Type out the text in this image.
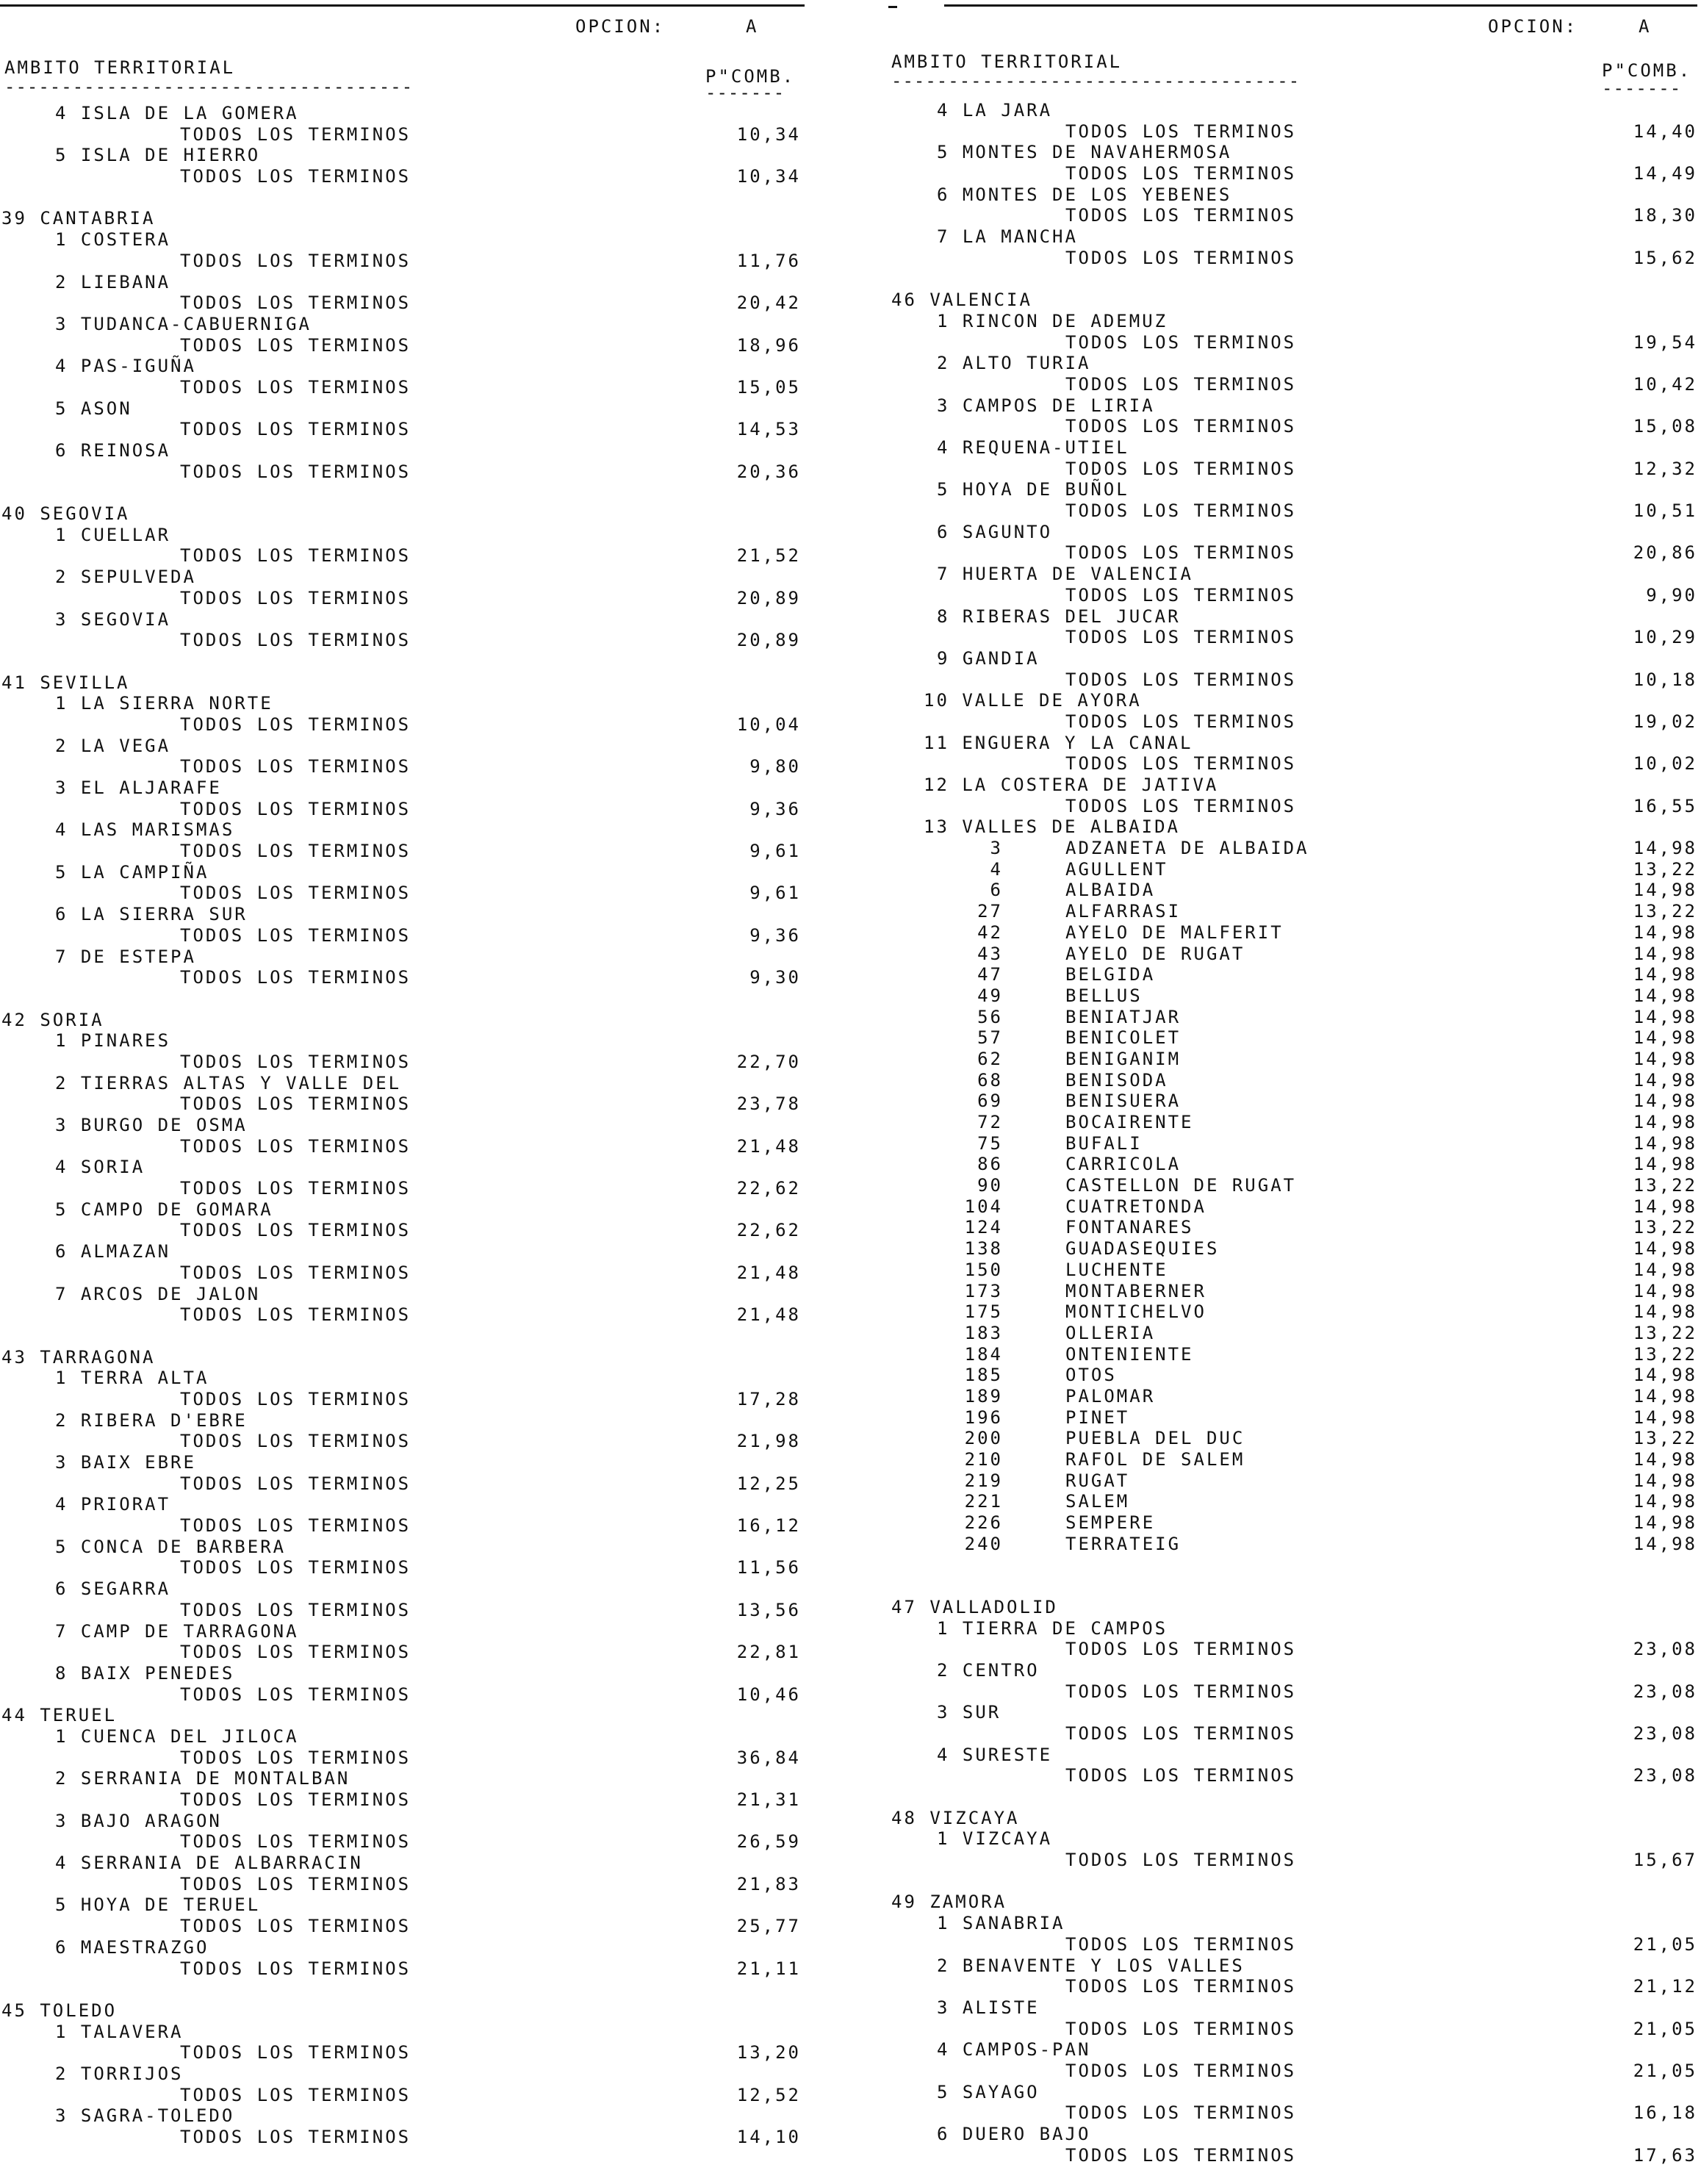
OPCION:	A
AMBITO TERRITORIAL	P"COMB.
------------------------------------	-------
4 ISLA DE LA GOMERA
TODOS LOS TERMINOS	10,34
5 ISLA DE HIERRO
TODOS LOS TERMINOS	10,34
39 CANTABRIA
1 COSTERA
TODOS LOS TERMINOS	11,76
2 LIEBANA
TODOS LOS TERMINOS	20,42
3 TUDANCA-CABUERNIGA
TODOS LOS TERMINOS	18,96
4 PAS-IGUÑA
TODOS LOS TERMINOS	15,05
5 ASON
TODOS LOS TERMINOS	14,53
6 REINOSA
TODOS LOS TERMINOS	20,36
40 SEGOVIA
1 CUELLAR
TODOS LOS TERMINOS	21,52
2 SEPULVEDA
TODOS LOS TERMINOS	20,89
3 SEGOVIA
TODOS LOS TERMINOS	20,89
41 SEVILLA
1 LA SIERRA NORTE
TODOS LOS TERMINOS	10,04
2 LA VEGA
TODOS LOS TERMINOS	9,80
3 EL ALJARAFE
TODOS LOS TERMINOS	9,36
4 LAS MARISMAS
TODOS LOS TERMINOS	9,61
5 LA CAMPIÑA
TODOS LOS TERMINOS	9,61
6 LA SIERRA SUR
TODOS LOS TERMINOS	9,36
7 DE ESTEPA
TODOS LOS TERMINOS	9,30
42 SORIA
1 PINARES
TODOS LOS TERMINOS	22,70
2 TIERRAS ALTAS Y VALLE DEL
TODOS LOS TERMINOS	23,78
3 BURGO DE OSMA
TODOS LOS TERMINOS	21,48
4 SORIA
TODOS LOS TERMINOS	22,62
5 CAMPO DE GOMARA
TODOS LOS TERMINOS	22,62
6 ALMAZAN
TODOS LOS TERMINOS	21,48
7 ARCOS DE JALON
TODOS LOS TERMINOS	21,48
43 TARRAGONA
1 TERRA ALTA
TODOS LOS TERMINOS	17,28
2 RIBERA D'EBRE
TODOS LOS TERMINOS	21,98
3 BAIX EBRE
TODOS LOS TERMINOS	12,25
4 PRIORAT
TODOS LOS TERMINOS	16,12
5 CONCA DE BARBERA
TODOS LOS TERMINOS	11,56
6 SEGARRA
TODOS LOS TERMINOS	13,56
7 CAMP DE TARRAGONA
TODOS LOS TERMINOS	22,81
8 BAIX PENEDES
TODOS LOS TERMINOS	10,46
44 TERUEL
1 CUENCA DEL JILOCA
TODOS LOS TERMINOS	36,84
2 SERRANIA DE MONTALBAN
TODOS LOS TERMINOS	21,31
3 BAJO ARAGON
TODOS LOS TERMINOS	26,59
4 SERRANIA DE ALBARRACIN
TODOS LOS TERMINOS	21,83
5 HOYA DE TERUEL
TODOS LOS TERMINOS	25,77
6 MAESTRAZGO
TODOS LOS TERMINOS	21,11
45 TOLEDO
1 TALAVERA
TODOS LOS TERMINOS	13,20
2 TORRIJOS
TODOS LOS TERMINOS	12,52
3 SAGRA-TOLEDO
TODOS LOS TERMINOS	14,10
OPCION:	A
AMBITO TERRITORIAL	P"COMB.
------------------------------------	-------
4 LA JARA
TODOS LOS TERMINOS	14,40
5 MONTES DE NAVAHERMOSA
TODOS LOS TERMINOS	14,49
6 MONTES DE LOS YEBENES
TODOS LOS TERMINOS	18,30
7 LA MANCHA
TODOS LOS TERMINOS	15,62
46 VALENCIA
1 RINCON DE ADEMUZ
TODOS LOS TERMINOS	19,54
2 ALTO TURIA
TODOS LOS TERMINOS	10,42
3 CAMPOS DE LIRIA
TODOS LOS TERMINOS	15,08
4 REQUENA-UTIEL
TODOS LOS TERMINOS	12,32
5 HOYA DE BUÑOL
TODOS LOS TERMINOS	10,51
6 SAGUNTO
TODOS LOS TERMINOS	20,86
7 HUERTA DE VALENCIA
TODOS LOS TERMINOS	9,90
8 RIBERAS DEL JUCAR
TODOS LOS TERMINOS	10,29
9 GANDIA
TODOS LOS TERMINOS	10,18
10 VALLE DE AYORA
TODOS LOS TERMINOS	19,02
11 ENGUERA Y LA CANAL
TODOS LOS TERMINOS	10,02
12 LA COSTERA DE JATIVA
TODOS LOS TERMINOS	16,55
13 VALLES DE ALBAIDA
3	ADZANETA DE ALBAIDA	14,98
4	AGULLENT	13,22
6	ALBAIDA	14,98
27	ALFARRASI	13,22
42	AYELO DE MALFERIT	14,98
43	AYELO DE RUGAT	14,98
47	BELGIDA	14,98
49	BELLUS	14,98
56	BENIATJAR	14,98
57	BENICOLET	14,98
62	BENIGANIM	14,98
68	BENISODA	14,98
69	BENISUERA	14,98
72	BOCAIRENTE	14,98
75	BUFALI	14,98
86	CARRICOLA	14,98
90	CASTELLON DE RUGAT	13,22
104	CUATRETONDA	14,98
124	FONTANARES	13,22
138	GUADASEQUIES	14,98
150	LUCHENTE	14,98
173	MONTABERNER	14,98
175	MONTICHELVO	14,98
183	OLLERIA	13,22
184	ONTENIENTE	13,22
185	OTOS	14,98
189	PALOMAR	14,98
196	PINET	14,98
200	PUEBLA DEL DUC	13,22
210	RAFOL DE SALEM	14,98
219	RUGAT	14,98
221	SALEM	14,98
226	SEMPERE	14,98
240	TERRATEIG	14,98
47 VALLADOLID
1 TIERRA DE CAMPOS
TODOS LOS TERMINOS	23,08
2 CENTRO
TODOS LOS TERMINOS	23,08
3 SUR
TODOS LOS TERMINOS	23,08
4 SURESTE
TODOS LOS TERMINOS	23,08
48 VIZCAYA
1 VIZCAYA
TODOS LOS TERMINOS	15,67
49 ZAMORA
1 SANABRIA
TODOS LOS TERMINOS	21,05
2 BENAVENTE Y LOS VALLES
TODOS LOS TERMINOS	21,12
3 ALISTE
TODOS LOS TERMINOS	21,05
4 CAMPOS-PAN
TODOS LOS TERMINOS	21,05
5 SAYAGO
TODOS LOS TERMINOS	16,18
6 DUERO BAJO
TODOS LOS TERMINOS	17,63
